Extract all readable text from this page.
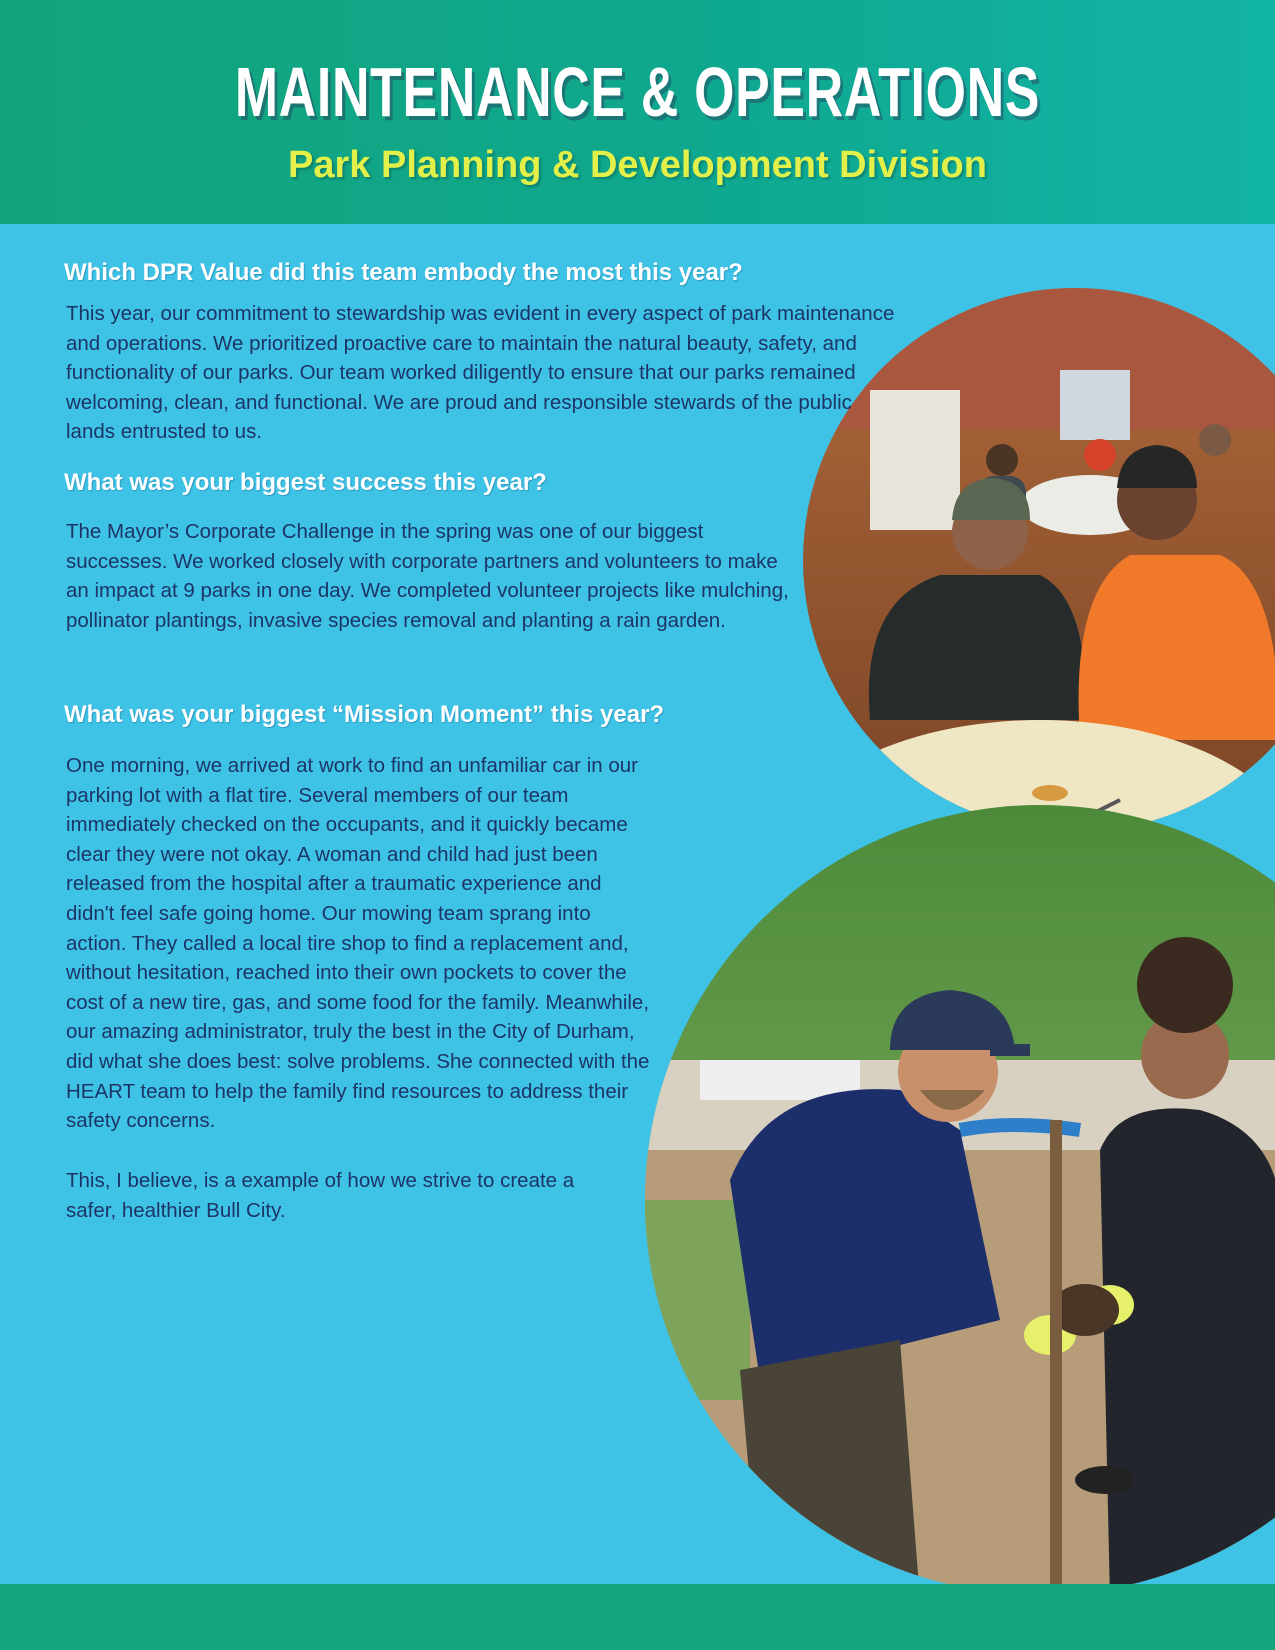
MAINTENANCE & OPERATIONS
Park Planning & Development Division
Which DPR Value did this team embody the most this year?

This year, our commitment to stewardship was evident in every aspect of park maintenance and operations. We prioritized proactive care to maintain the natural beauty, safety, and functionality of our parks. Our team worked diligently to ensure that our parks remained welcoming, clean, and functional. We are proud and responsible stewards of the public lands entrusted to us.

What was your biggest success this year?

The Mayor’s Corporate Challenge in the spring was one of our biggest successes. We worked closely with corporate partners and volunteers to make an impact at 9 parks in one day. We completed volunteer projects like mulching, pollinator plantings, invasive species removal and planting a rain garden.

What was your biggest “Mission Moment” this year?

One morning, we arrived at work to find an unfamiliar car in our parking lot with a flat tire. Several members of our team immediately checked on the occupants, and it quickly became clear they were not okay. A woman and child had just been released from the hospital after a traumatic experience and didn't feel safe going home. Our mowing team sprang into action. They called a local tire shop to find a replacement and, without hesitation, reached into their own pockets to cover the cost of a new tire, gas, and some food for the family. Meanwhile, our amazing administrator, truly the best in the City of Durham, did what she does best: solve problems. She connected with the HEART team to help the family find resources to address their safety concerns.

This, I believe, is a example of how we strive to create a safer, healthier Bull City.
